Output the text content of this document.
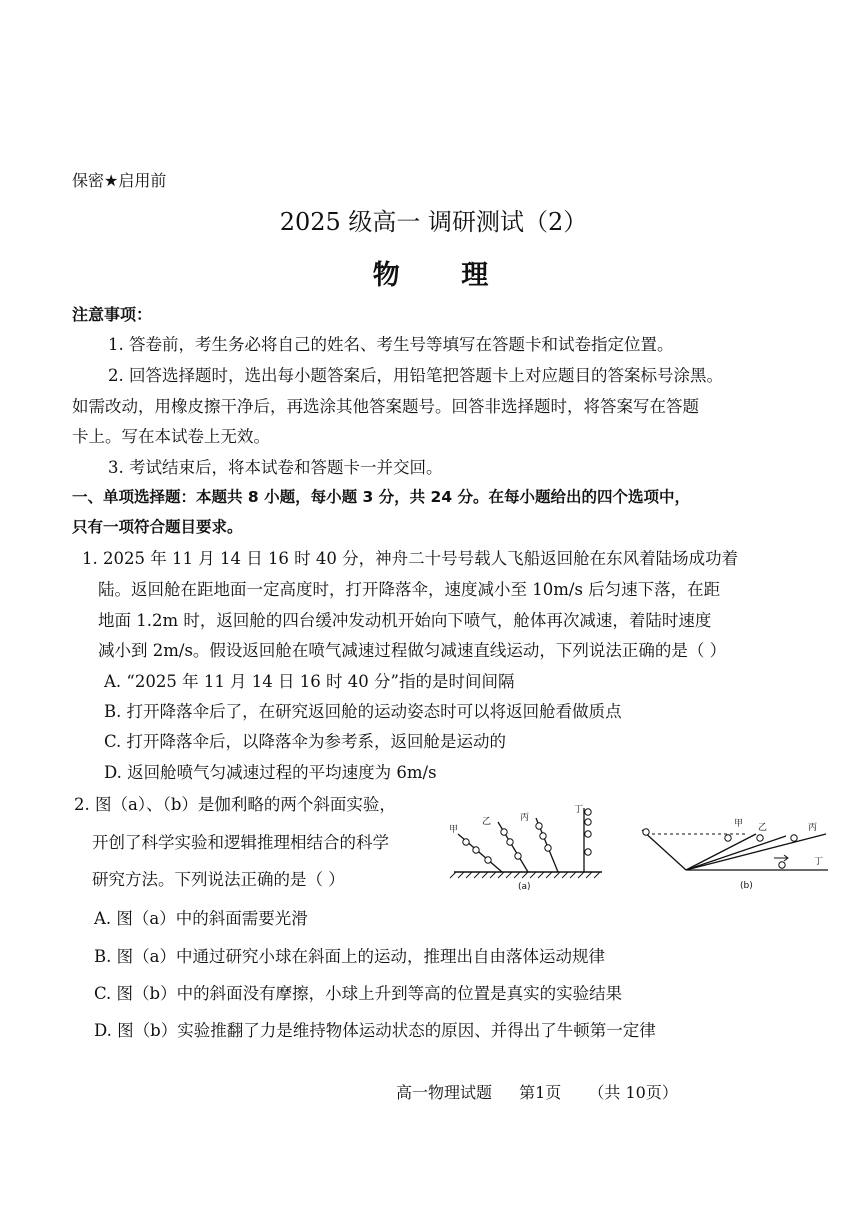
保密★启用前
2025 级高一 调研测试（2）
物 理
注意事项：
1. 答卷前，考生务必将自己的姓名、考生号等填写在答题卡和试卷指定位置。
2. 回答选择题时，选出每小题答案后，用铅笔把答题卡上对应题目的答案标号涂黑。
如需改动，用橡皮擦干净后，再选涂其他答案题号。回答非选择题时，将答案写在答题
卡上。写在本试卷上无效。
3. 考试结束后，将本试卷和答题卡一并交回。
一、单项选择题：本题共 8 小题，每小题 3 分，共 24 分。在每小题给出的四个选项中，
只有一项符合题目要求。
1. 2025 年 11 月 14 日 16 时 40 分，神舟二十号号载人飞船返回舱在东风着陆场成功着
陆。返回舱在距地面一定高度时，打开降落伞，速度减小至 10m/s 后匀速下落，在距
地面 1.2m 时，返回舱的四台缓冲发动机开始向下喷气，舱体再次减速，着陆时速度
减小到 2m/s。假设返回舱在喷气减速过程做匀减速直线运动，下列说法正确的是（ ）
A. “2025 年 11 月 14 日 16 时 40 分”指的是时间间隔
B. 打开降落伞后了，在研究返回舱的运动姿态时可以将返回舱看做质点
C. 打开降落伞后，以降落伞为参考系，返回舱是运动的
D. 返回舱喷气匀减速过程的平均速度为 6m/s
2. 图（a）、（b）是伽利略的两个斜面实验，
开创了科学实验和逻辑推理相结合的科学
研究方法。下列说法正确的是（ ）
甲
乙	丙
丁
(a)
甲 乙	丙
丁
(b)
A. 图（a）中的斜面需要光滑
B. 图（a）中通过研究小球在斜面上的运动，推理出自由落体运动规律
C. 图（b）中的斜面没有摩擦，小球上升到等高的位置是真实的实验结果
D. 图（b）实验推翻了力是维持物体运动状态的原因、并得出了牛顿第一定律
高一物理试题 第1页 （共 10页）
